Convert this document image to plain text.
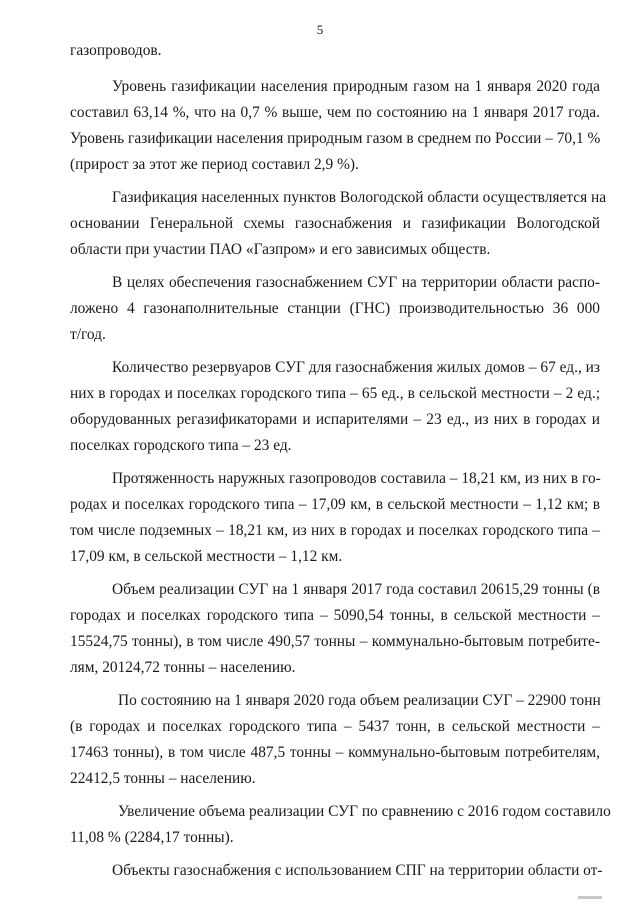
5

газопроводов.

Уровень газификации населения природным газом на 1 января 2020 года
составил 63,14 %, что на 0,7 % выше, чем по состоянию на 1 января 2017 года.
Уровень газификации населения природным газом в среднем по России – 70,1 %
(прирост за этот же период составил 2,9 %).

Газификация населенных пунктов Вологодской области осуществляется на
основании Генеральной схемы газоснабжения и газификации Вологодской
области при участии ПАО «Газпром» и его зависимых обществ.

В целях обеспечения газоснабжением СУГ на территории области распо-
ложено 4 газонаполнительные станции (ГНС) производительностью 36 000
т/год.

Количество резервуаров СУГ для газоснабжения жилых домов – 67 ед., из
них в городах и поселках городского типа – 65 ед., в сельской местности – 2 ед.;
оборудованных регазификаторами и испарителями – 23 ед., из них в городах и
поселках городского типа – 23 ед.

Протяженность наружных газопроводов составила – 18,21 км, из них в го-
родах и поселках городского типа – 17,09 км, в сельской местности – 1,12 км; в
том числе подземных – 18,21 км, из них в городах и поселках городского типа –
17,09 км, в сельской местности – 1,12 км.

Объем реализации СУГ на 1 января 2017 года составил 20615,29 тонны (в
городах и поселках городского типа – 5090,54 тонны, в сельской местности –
15524,75 тонны), в том числе 490,57 тонны – коммунально-бытовым потребите-
лям, 20124,72 тонны – населению.

По состоянию на 1 января 2020 года объем реализации СУГ – 22900 тонн
(в городах и поселках городского типа – 5437 тонн, в сельской местности –
17463 тонны), в том числе 487,5 тонны – коммунально-бытовым потребителям,
22412,5 тонны – населению.

Увеличение объема реализации СУГ по сравнению с 2016 годом составило
11,08 % (2284,17 тонны).

Объекты газоснабжения с использованием СПГ на территории области от-
